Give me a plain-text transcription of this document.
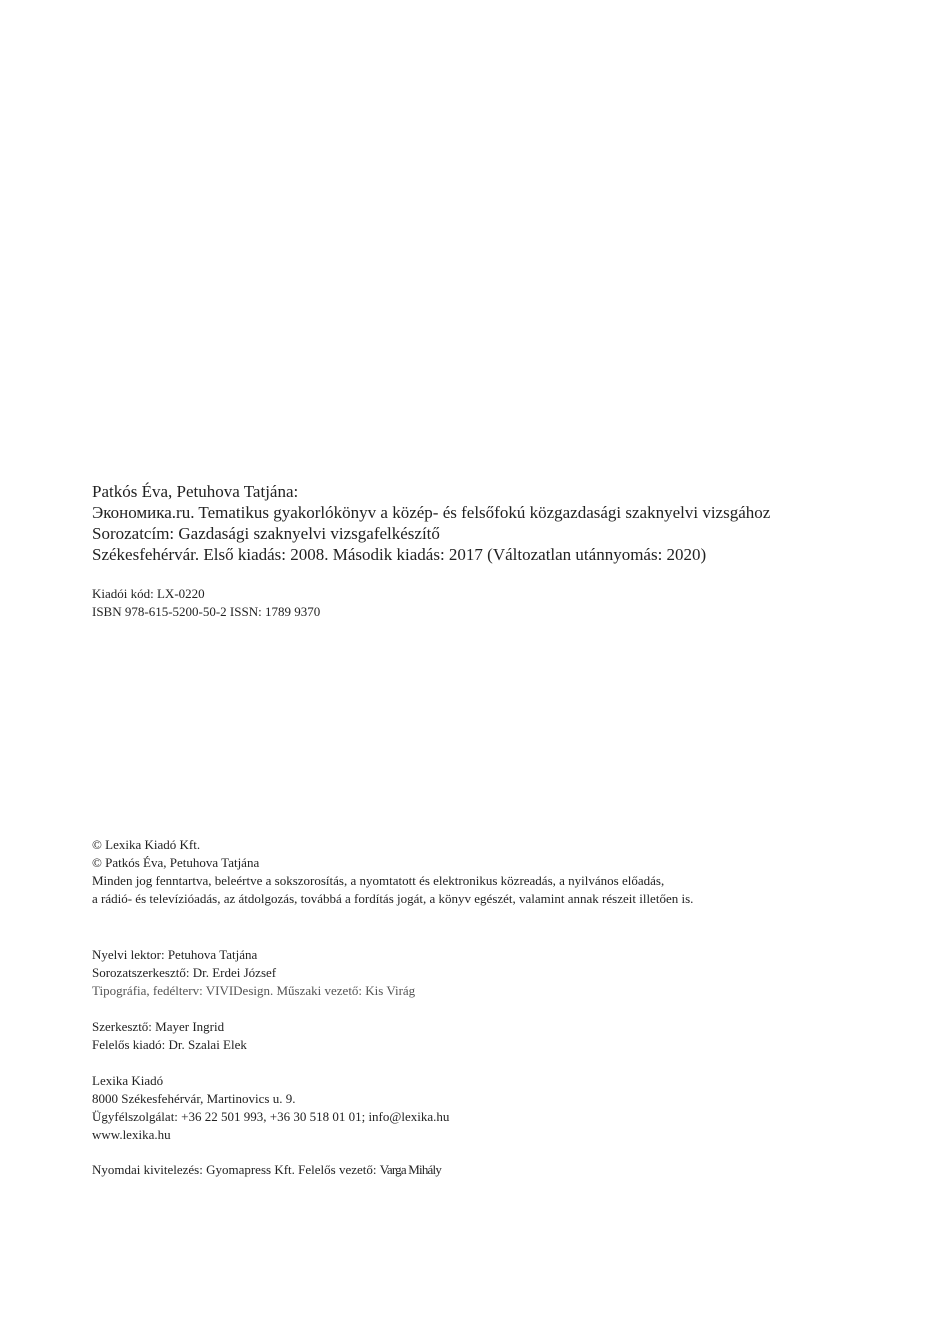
Patkós Éva, Petuhova Tatjána:
Экономика.ru. Tematikus gyakorlókönyv a közép- és felsőfokú közgazdasági szaknyelvi vizsgához
Sorozatcím: Gazdasági szaknyelvi vizsgafelkészítő
Székesfehérvár. Első kiadás: 2008. Második kiadás: 2017 (Változatlan utánnyomás: 2020)
Kiadói kód: LX-0220
ISBN 978-615-5200-50-2 ISSN: 1789 9370
© Lexika Kiadó Kft.
© Patkós Éva, Petuhova Tatjána
Minden jog fenntartva, beleértve a sokszorosítás, a nyomtatott és elektronikus közreadás, a nyilvános előadás,
a rádió- és televízióadás, az átdolgozás, továbbá a fordítás jogát, a könyv egészét, valamint annak részeit illetően is.
Nyelvi lektor: Petuhova Tatjána
Sorozatszerkesztő: Dr. Erdei József
Tipográfia, fedélterv: VIVIDesign. Műszaki vezető: Kis Virág
Szerkesztő: Mayer Ingrid
Felelős kiadó: Dr. Szalai Elek
Lexika Kiadó
8000 Székesfehérvár, Martinovics u. 9.
Ügyfélszolgálat: +36 22 501 993, +36 30 518 01 01; info@lexika.hu
www.lexika.hu
Nyomdai kivitelezés: Gyomapress Kft. Felelős vezető: Varga Mihály
